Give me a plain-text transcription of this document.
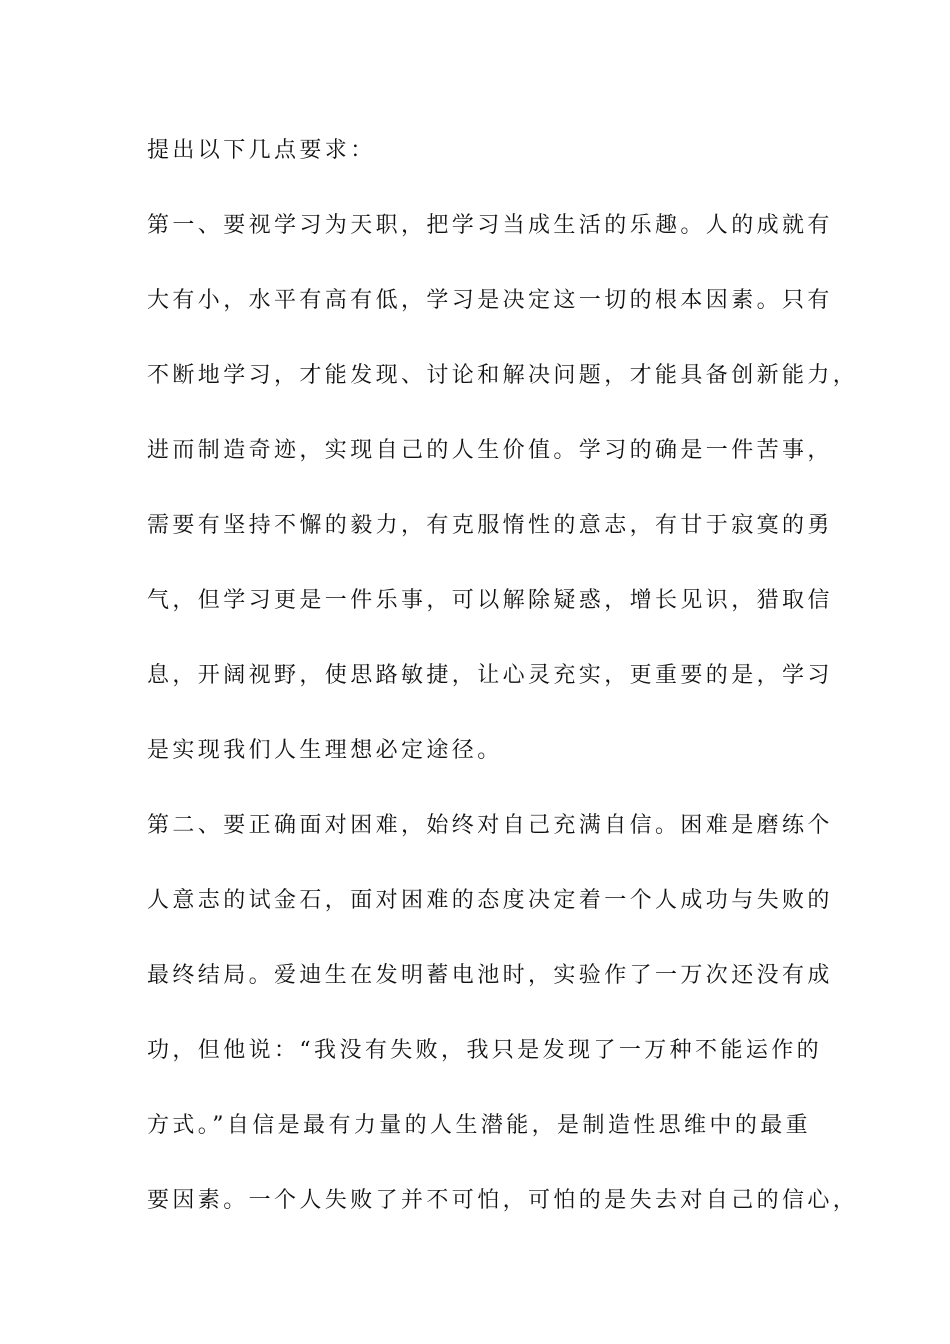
提出以下几点要求：
第一、要视学习为天职，把学习当成生活的乐趣。人的成就有
大有小，水平有高有低，学习是决定这一切的根本因素。只有
不断地学习，才能发现、讨论和解决问题，才能具备创新能力，
进而制造奇迹，实现自己的人生价值。学习的确是一件苦事，
需要有坚持不懈的毅力，有克服惰性的意志，有甘于寂寞的勇
气，但学习更是一件乐事，可以解除疑惑，增长见识，猎取信
息，开阔视野，使思路敏捷，让心灵充实，更重要的是，学习
是实现我们人生理想必定途径。
第二、要正确面对困难，始终对自己充满自信。困难是磨练个
人意志的试金石，面对困难的态度决定着一个人成功与失败的
最终结局。爱迪生在发明蓄电池时，实验作了一万次还没有成
功，但他说：“我没有失败，我只是发现了一万种不能运作的
方式。”自信是最有力量的人生潜能，是制造性思维中的最重
要因素。一个人失败了并不可怕，可怕的是失去对自己的信心，
